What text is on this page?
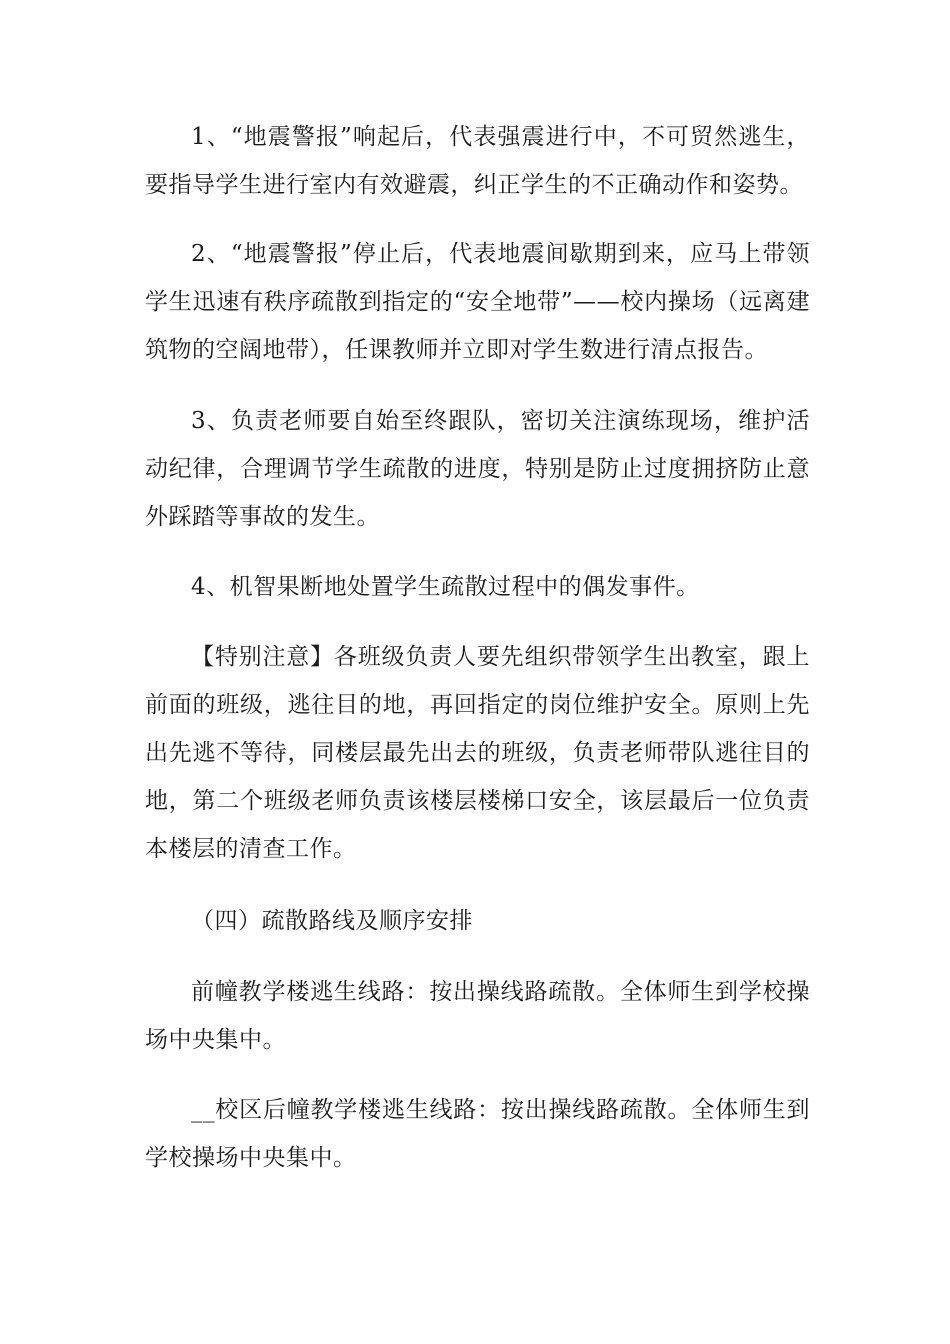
1、“地震警报”响起后，代表强震进行中，不可贸然逃生，要指导学生进行室内有效避震，纠正学生的不正确动作和姿势。

2、“地震警报”停止后，代表地震间歇期到来，应马上带领学生迅速有秩序疏散到指定的“安全地带”——校内操场（远离建筑物的空阔地带），任课教师并立即对学生数进行清点报告。

3、负责老师要自始至终跟队，密切关注演练现场，维护活动纪律，合理调节学生疏散的进度，特别是防止过度拥挤防止意外踩踏等事故的发生。

4、机智果断地处置学生疏散过程中的偶发事件。

【特别注意】各班级负责人要先组织带领学生出教室，跟上前面的班级，逃往目的地，再回指定的岗位维护安全。原则上先出先逃不等待，同楼层最先出去的班级，负责老师带队逃往目的地，第二个班级老师负责该楼层楼梯口安全，该层最后一位负责本楼层的清查工作。

（四）疏散路线及顺序安排

前幢教学楼逃生线路：按出操线路疏散。全体师生到学校操场中央集中。

__校区后幢教学楼逃生线路：按出操线路疏散。全体师生到学校操场中央集中。
